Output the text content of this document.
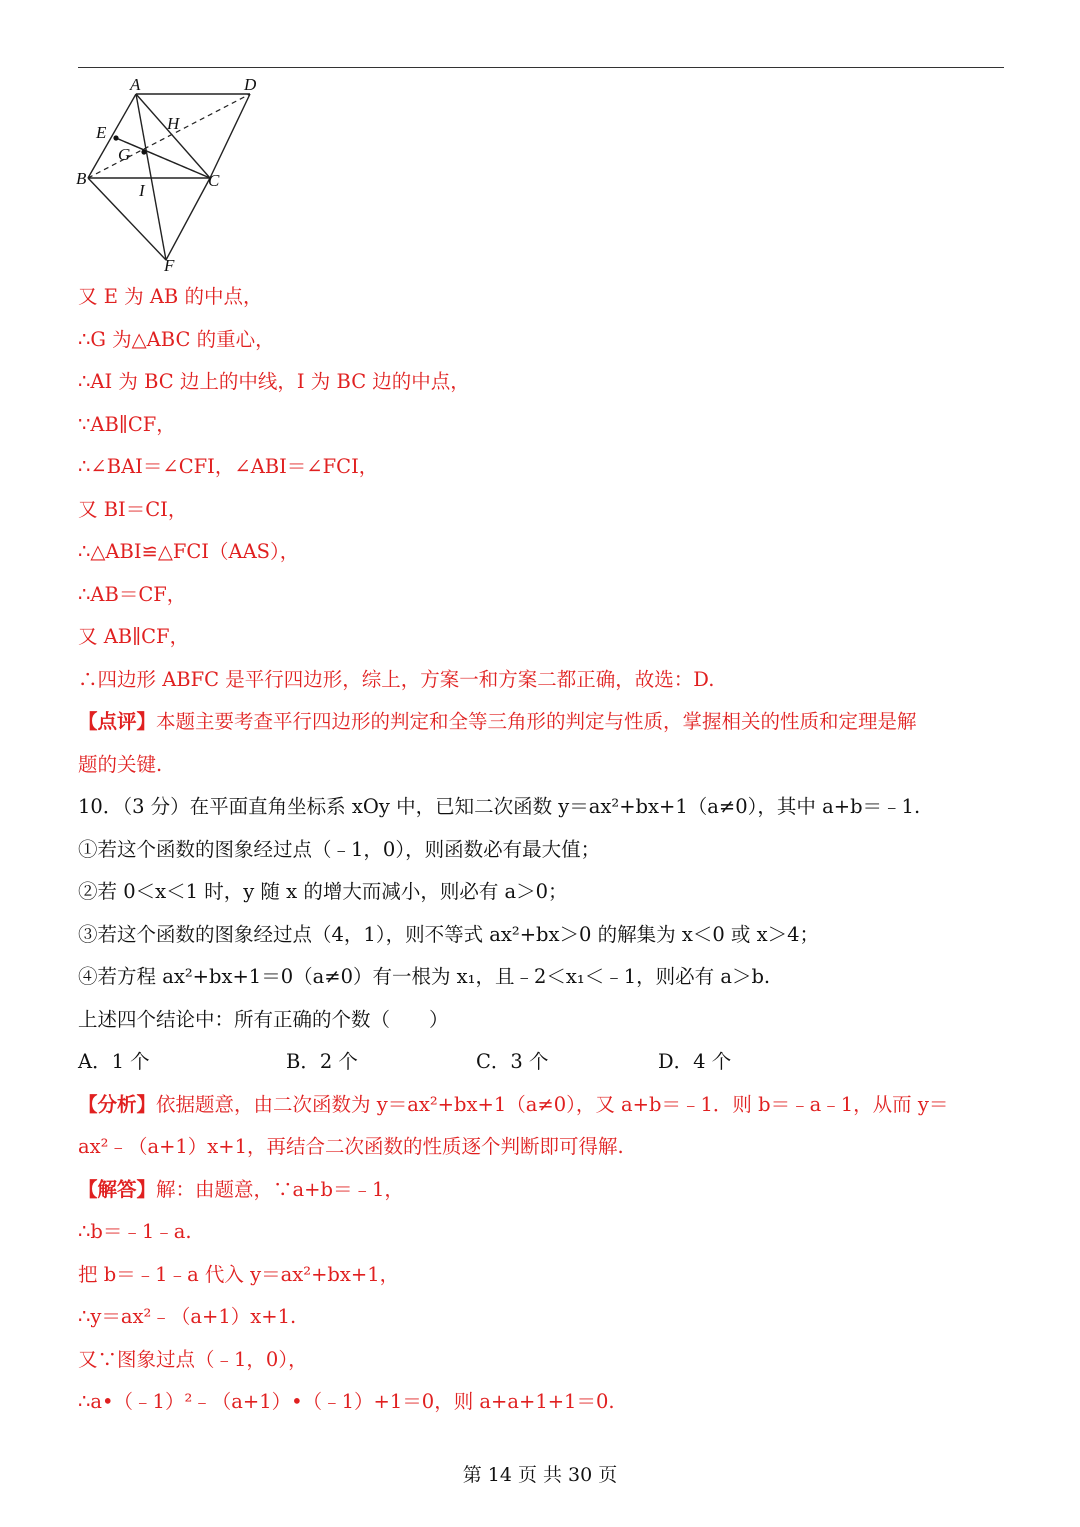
A	D
E	H
G
B	C
I
F
又 E 为 AB 的中点，
∴G 为△ABC 的重心，
∴AI 为 BC 边上的中线，I 为 BC 边的中点，
∵AB∥CF，
∴∠BAI＝∠CFI，∠ABI＝∠FCI，
又 BI＝CI，
∴△ABI≌△FCI（AAS），
∴AB＝CF，
又 AB∥CF，
∴四边形 ABFC 是平行四边形，综上，方案一和方案二都正确，故选：D.
【点评】本题主要考查平行四边形的判定和全等三角形的判定与性质，掌握相关的性质和定理是解
题的关键.
10．（3 分）在平面直角坐标系 xOy 中，已知二次函数 y＝ax²+bx+1（a≠0），其中 a+b＝﹣1.
①若这个函数的图象经过点（﹣1，0），则函数必有最大值；
②若 0＜x＜1 时，y 随 x 的增大而减小，则必有 a＞0；
③若这个函数的图象经过点（4，1），则不等式 ax²+bx＞0 的解集为 x＜0 或 x＞4；
④若方程 ax²+bx+1＝0（a≠0）有一根为 x₁，且﹣2＜x₁＜﹣1，则必有 a＞b.
上述四个结论中：所有正确的个数（　　）
A．1 个	B．2 个	C．3 个	D．4 个
【分析】依据题意，由二次函数为 y＝ax²+bx+1（a≠0），又 a+b＝﹣1．则 b＝﹣a﹣1，从而 y＝
ax²﹣（a+1）x+1，再结合二次函数的性质逐个判断即可得解.
【解答】解：由题意，∵a+b＝﹣1，
∴b＝﹣1﹣a.
把 b＝﹣1﹣a 代入 y＝ax²+bx+1，
∴y＝ax²﹣（a+1）x+1.
又∵图象过点（﹣1，0），
∴a•（﹣1）²﹣（a+1）•（﹣1）+1＝0，则 a+a+1+1＝0.
第 14 页 共 30 页
